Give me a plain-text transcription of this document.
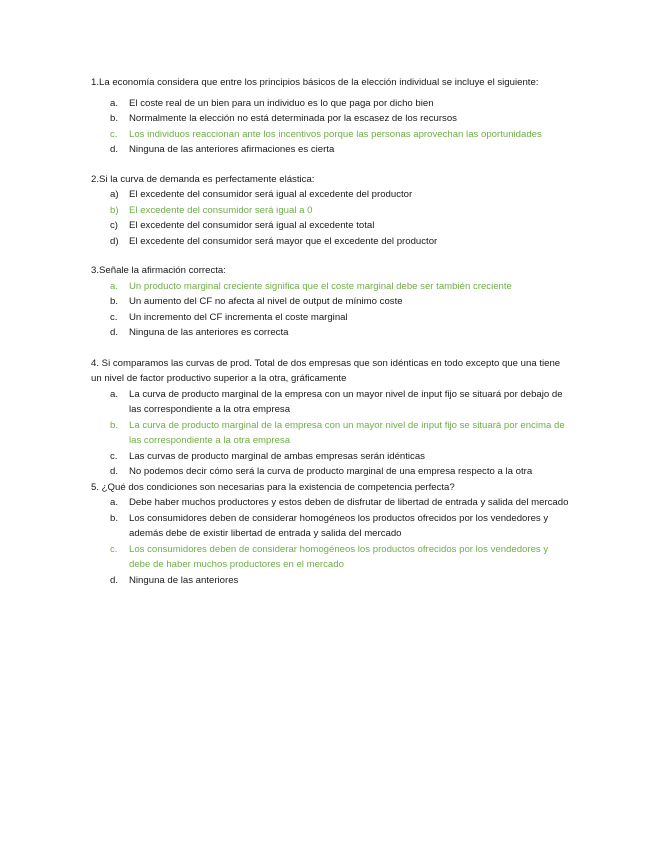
1.La economía considera que entre los principios básicos de la elección individual se incluye el siguiente:

a. El coste real de un bien para un individuo es lo que paga por dicho bien
b. Normalmente la elección no está determinada por la escasez de los recursos
c. Los individuos reaccionan ante los incentivos porque las personas aprovechan las oportunidades
d. Ninguna de las anteriores afirmaciones es cierta

2.Si la curva de demanda es perfectamente elástica:

a) El excedente del consumidor será igual al excedente del productor
b) El excedente del consumidor será igual a 0
c) El excedente del consumidor será igual al excedente total
d) El excedente del consumidor será mayor que el excedente del productor

3.Señale la afirmación correcta:

a. Un producto marginal creciente significa que el coste marginal debe ser también creciente
b. Un aumento del CF no afecta al nivel de output de mínimo coste
c. Un incremento del CF incrementa el coste marginal
d. Ninguna de las anteriores es correcta

4. Si comparamos las curvas de prod. Total de dos empresas que son idénticas en todo excepto que una tiene un nivel de factor productivo superior a la otra, gráficamente

a. La curva de producto marginal de la empresa con un mayor nivel de input fijo se situará por debajo de las correspondiente a la otra empresa
b. La curva de producto marginal de la empresa con un mayor nivel de input fijo se situará por encima de las correspondiente a la otra empresa
c. Las curvas de producto marginal de ambas empresas serán idénticas
d. No podemos decir cómo será la curva de producto marginal de una empresa respecto a la otra

5. ¿Qué dos condiciones son necesarias para la existencia de competencia perfecta?

a. Debe haber muchos productores y estos deben de disfrutar de libertad de entrada y salida del mercado
b. Los consumidores deben de considerar homogéneos los productos ofrecidos por los vendedores y además debe de existir libertad de entrada y salida del mercado
c. Los consumidores deben de considerar homogéneos los productos ofrecidos por los vendedores y debe de haber muchos productores en el mercado
d. Ninguna de las anteriores
